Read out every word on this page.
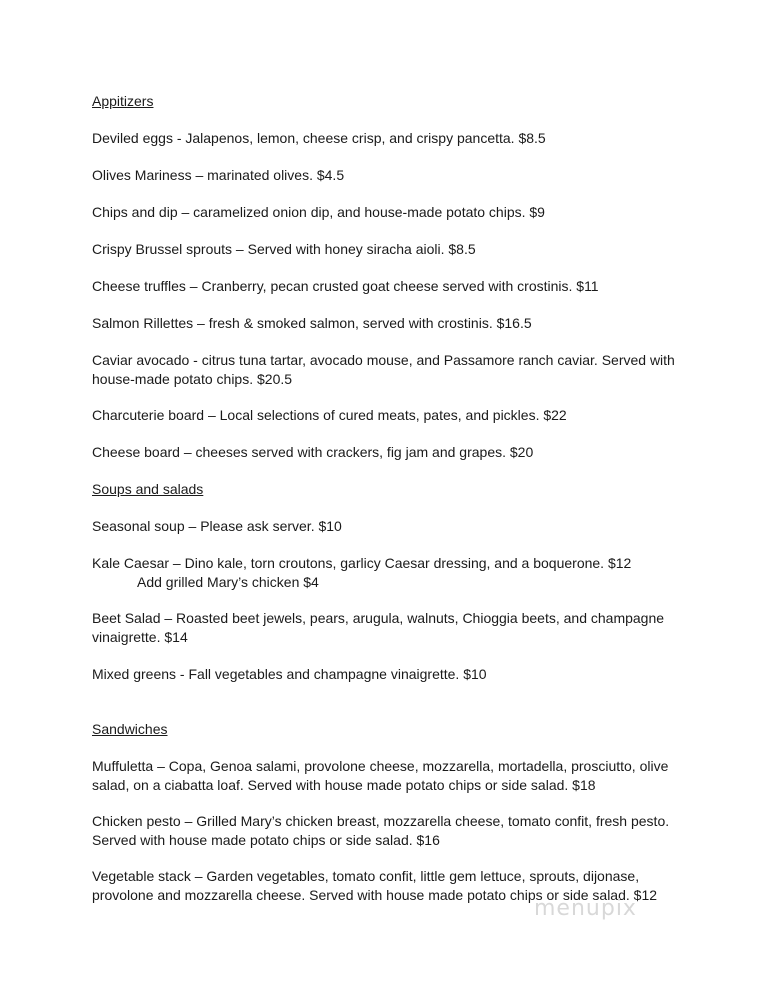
Appitizers
Deviled eggs - Jalapenos, lemon, cheese crisp, and crispy pancetta. $8.5
Olives Mariness – marinated olives. $4.5
Chips and dip – caramelized onion dip, and house-made potato chips. $9
Crispy Brussel sprouts – Served with honey siracha aioli. $8.5
Cheese truffles – Cranberry, pecan crusted goat cheese served with crostinis. $11
Salmon Rillettes – fresh & smoked salmon, served with crostinis. $16.5
Caviar avocado - citrus tuna tartar, avocado mouse, and Passamore ranch caviar. Served with
house-made potato chips. $20.5
Charcuterie board – Local selections of cured meats, pates, and pickles. $22
Cheese board – cheeses served with crackers, fig jam and grapes. $20
Soups and salads
Seasonal soup – Please ask server. $10
Kale Caesar – Dino kale, torn croutons, garlicy Caesar dressing, and a boquerone. $12
Add grilled Mary’s chicken $4
Beet Salad – Roasted beet jewels, pears, arugula, walnuts, Chioggia beets, and champagne
vinaigrette. $14
Mixed greens - Fall vegetables and champagne vinaigrette. $10
Sandwiches
Muffuletta – Copa, Genoa salami, provolone cheese, mozzarella, mortadella, prosciutto, olive
salad, on a ciabatta loaf. Served with house made potato chips or side salad. $18
Chicken pesto – Grilled Mary’s chicken breast, mozzarella cheese, tomato confit, fresh pesto.
Served with house made potato chips or side salad. $16
Vegetable stack – Garden vegetables, tomato confit, little gem lettuce, sprouts, dijonase,
provolone and mozzarella cheese. Served with house made potato chips or side salad. $12
menupix
